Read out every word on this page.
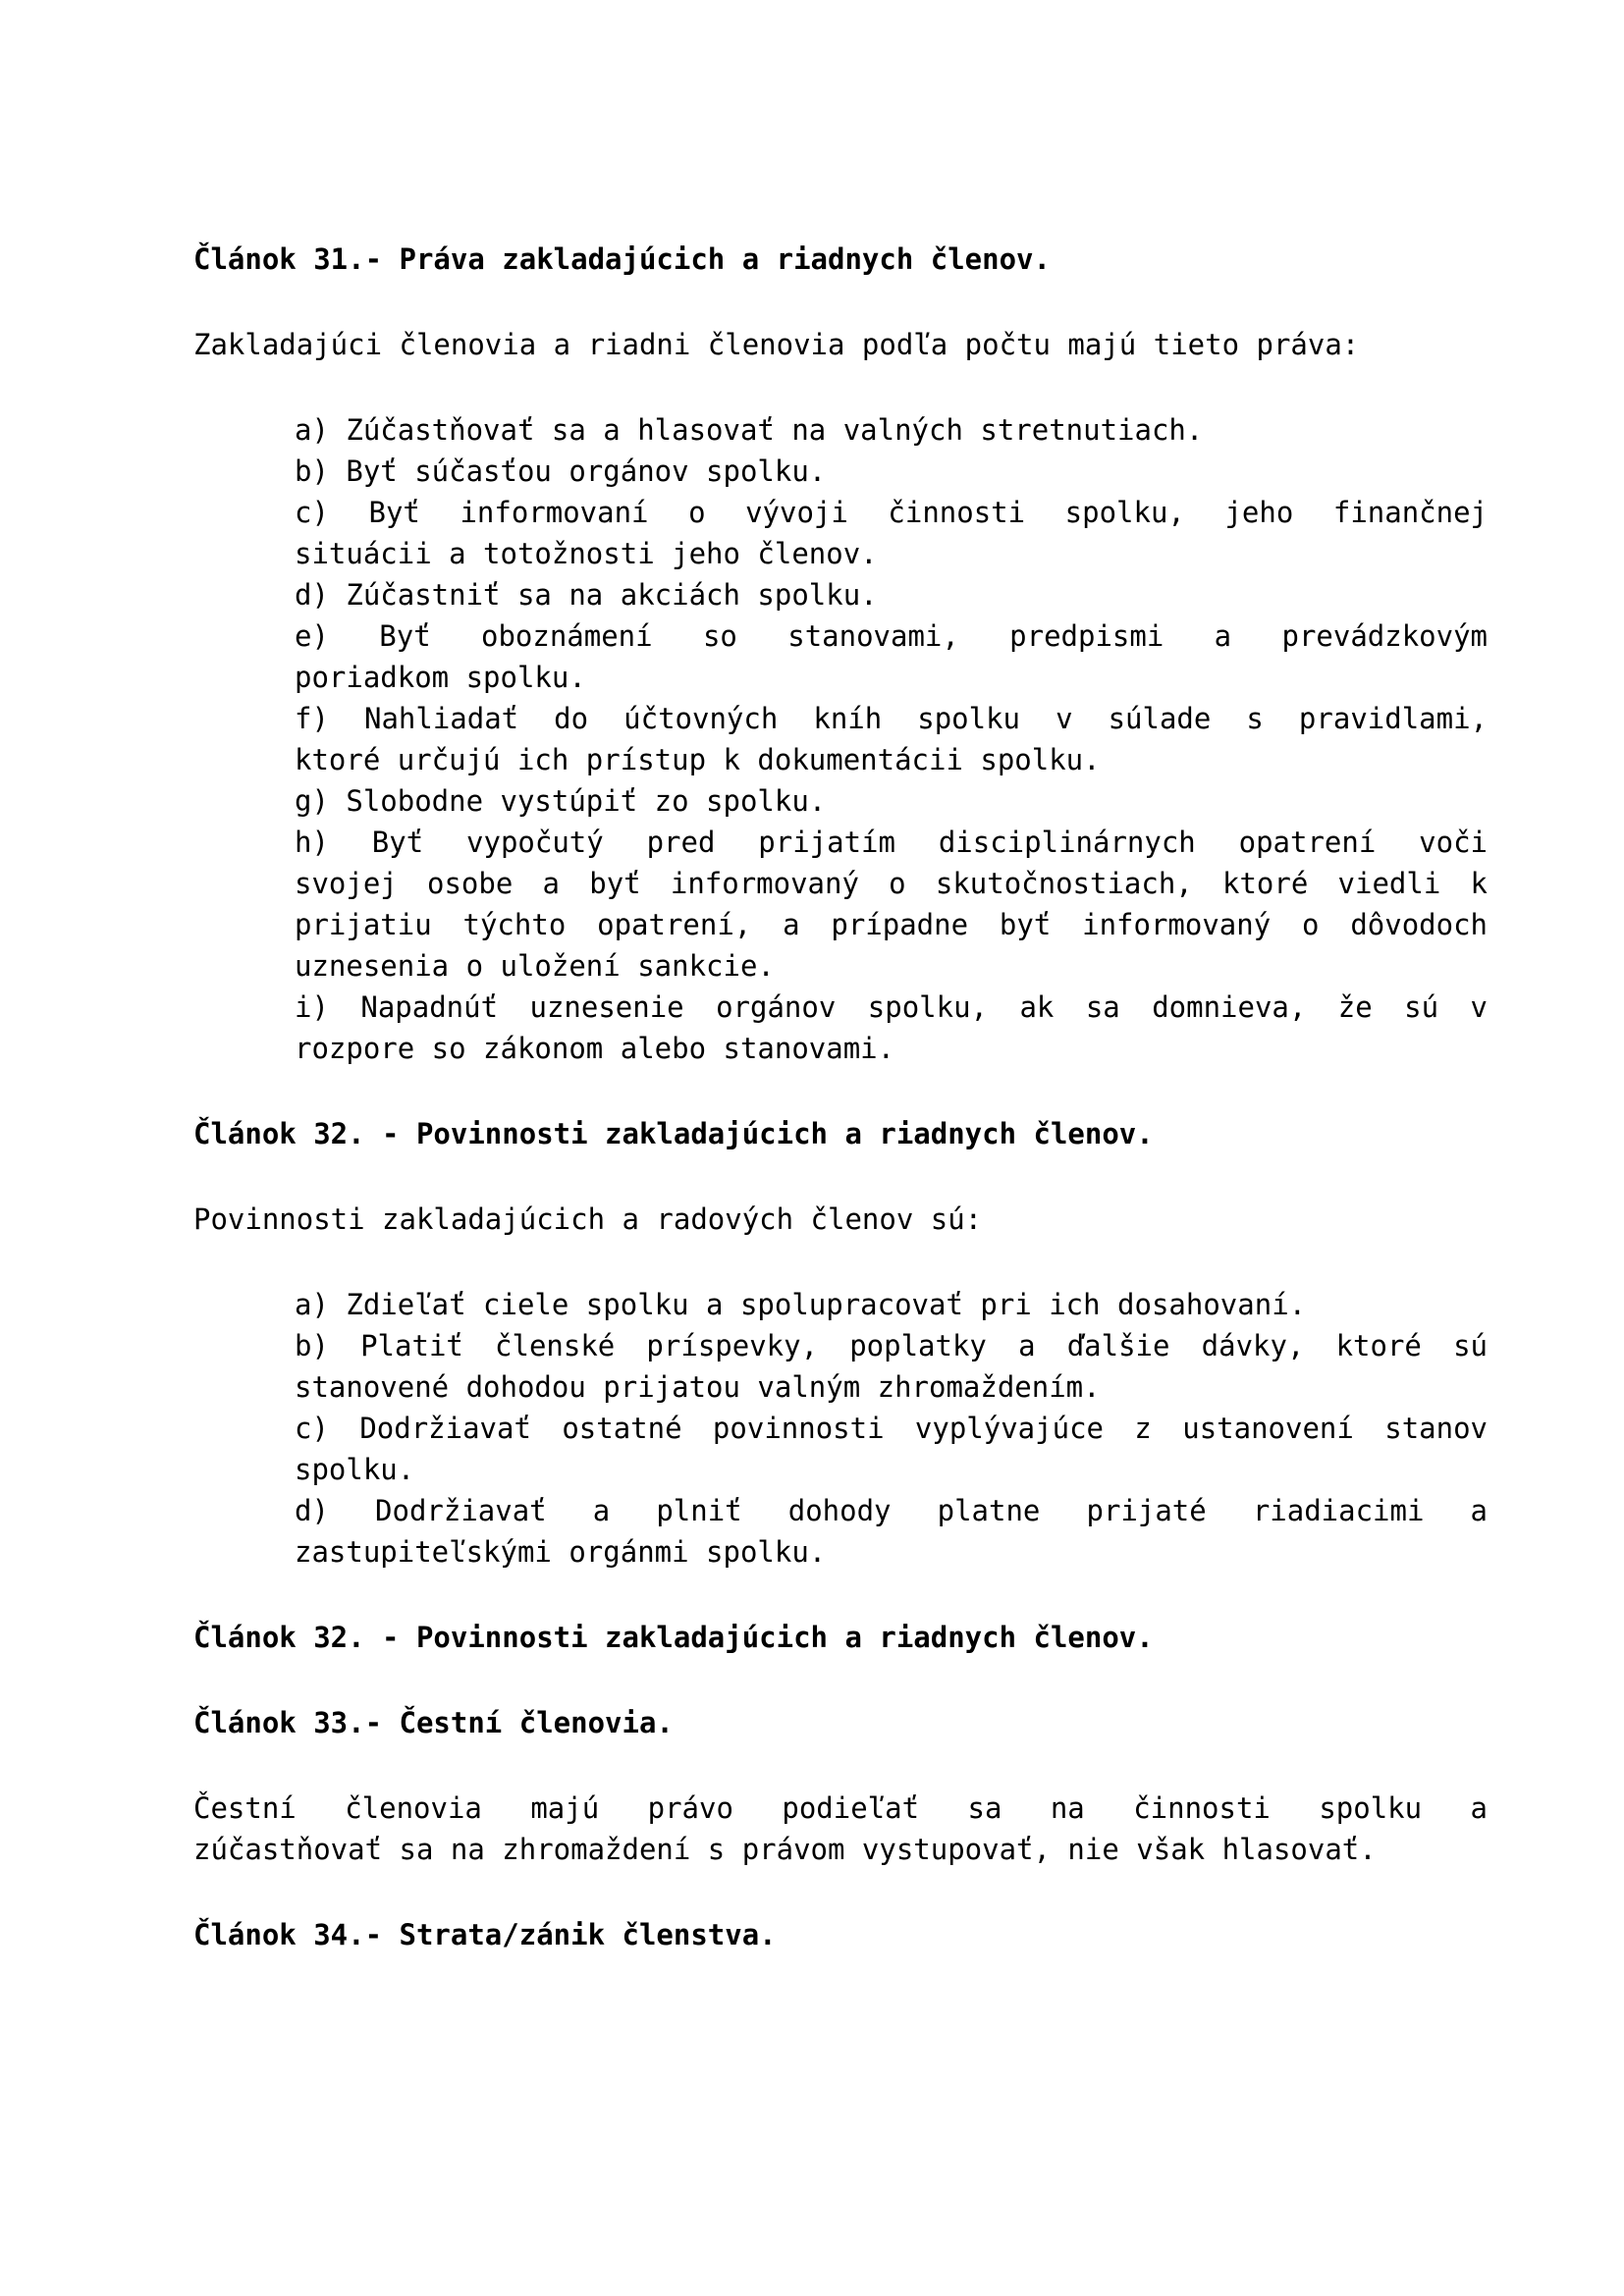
Článok 31.- Práva zakladajúcich a riadnych členov.
Zakladajúci členovia a riadni členovia podľa počtu majú tieto práva:
a) Zúčastňovať sa a hlasovať na valných stretnutiach.
b) Byť súčasťou orgánov spolku.
c) Byť informovaní o vývoji činnosti spolku, jeho finančnej
situácii a totožnosti jeho členov.
d) Zúčastniť sa na akciách spolku.
e) Byť oboznámení so stanovami, predpismi a prevádzkovým
poriadkom spolku.
f) Nahliadať do účtovných kníh spolku v súlade s pravidlami,
ktoré určujú ich prístup k dokumentácii spolku.
g) Slobodne vystúpiť zo spolku.
h) Byť vypočutý pred prijatím disciplinárnych opatrení voči
svojej osobe a byť informovaný o skutočnostiach, ktoré viedli k
prijatiu týchto opatrení, a prípadne byť informovaný o dôvodoch
uznesenia o uložení sankcie.
i) Napadnúť uznesenie orgánov spolku, ak sa domnieva, že sú v
rozpore so zákonom alebo stanovami.
Článok 32. - Povinnosti zakladajúcich a riadnych členov.
Povinnosti zakladajúcich a radových členov sú:
a) Zdieľať ciele spolku a spolupracovať pri ich dosahovaní.
b) Platiť členské príspevky, poplatky a ďalšie dávky, ktoré sú
stanovené dohodou prijatou valným zhromaždením.
c) Dodržiavať ostatné povinnosti vyplývajúce z ustanovení stanov
spolku.
d) Dodržiavať a plniť dohody platne prijaté riadiacimi a
zastupiteľskými orgánmi spolku.
Článok 32. - Povinnosti zakladajúcich a riadnych členov.
Článok 33.- Čestní členovia.
Čestní členovia majú právo podieľať sa na činnosti spolku a
zúčastňovať sa na zhromaždení s právom vystupovať, nie však hlasovať.
Článok 34.- Strata/zánik členstva.
